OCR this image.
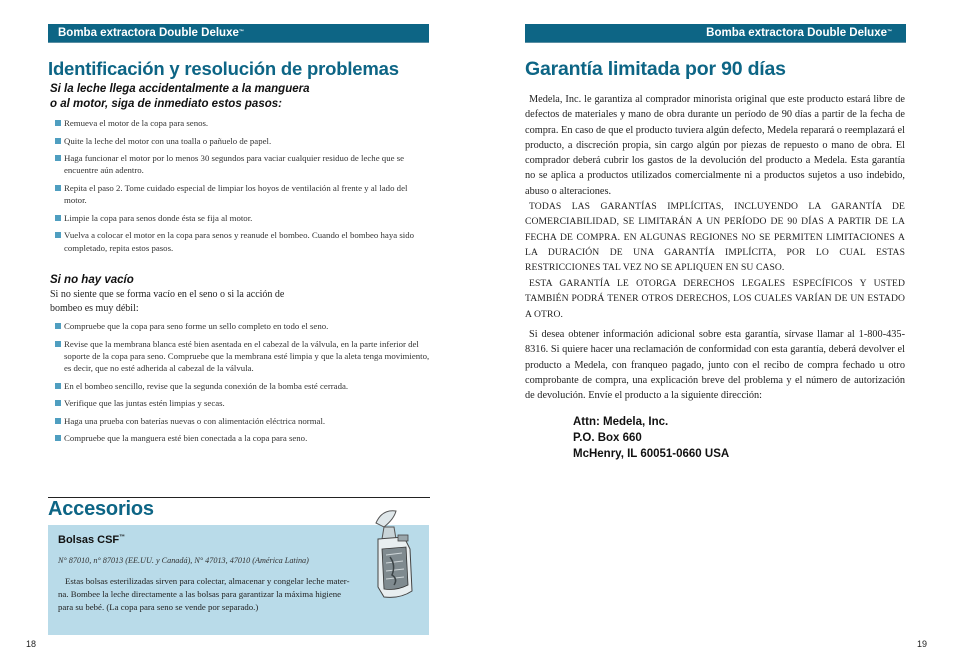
Bomba extractora Double Deluxe™
Identificación y resolución de problemas
Si la leche llega accidentalmente a la manguera
o al motor, siga de inmediato estos pasos:
Remueva el motor de la copa para senos.
Quite la leche del motor con una toalla o pañuelo de papel.
Haga funcionar el motor por lo menos 30 segundos para vaciar cualquier residuo de leche que se encuentre aún adentro.
Repita el paso 2. Tome cuidado especial de limpiar los hoyos de ventilación al frente y al lado del motor.
Limpie la copa para senos donde ésta se fija al motor.
Vuelva a colocar el motor en la copa para senos y reanude el bombeo. Cuando el bombeo haya sido completado, repita estos pasos.
Si no hay vacío
Si no siente que se forma vacío en el seno o si la acción de
bombeo es muy débil:
Compruebe que la copa para seno forme un sello completo en todo el seno.
Revise que la membrana blanca esté bien asentada en el cabezal de la válvula, en la parte inferior del soporte de la copa para seno. Compruebe que la membrana esté limpia y que la aleta tenga movimiento, es decir, que no esté adherida al cabezal de la válvula.
En el bombeo sencillo, revise que la segunda conexión de la bomba esté cerrada.
Verifique que las juntas estén limpias y secas.
Haga una prueba con baterías nuevas o con alimentación eléctrica normal.
Compruebe que la manguera esté bien conectada a la copa para seno.
Accesorios
Bolsas CSF™
N° 87010, n° 87013 (EE.UU. y Canadá), N° 47013, 47010 (América Latina)
Estas bolsas esterilizadas sirven para colectar, almacenar y congelar leche mater-
na. Bombee la leche directamente a las bolsas para garantizar la máxima higiene
para su bebé. (La copa para seno se vende por separado.)
18
Bomba extractora Double Deluxe™
Garantía limitada por 90 días

Medela, Inc. le garantiza al comprador minorista original que este producto estará libre de defectos de materiales y mano de obra durante un período de 90 días a partir de la fecha de compra. En caso de que el producto tuviera algún defecto, Medela reparará o reemplazará el producto, a discreción propia, sin cargo algún por piezas de repuesto o mano de obra. El comprador deberá cubrir los gastos de la devolución del producto a Medela. Esta garantía no se aplica a productos utilizados comercialmente ni a productos sujetos a uso indebido, abuso o alteraciones.

TODAS LAS GARANTÍAS IMPLÍCITAS, INCLUYENDO LA GARANTÍA DE COMERCIABILIDAD, SE LIMITARÁN A UN PERÍODO DE 90 DÍAS A PARTIR DE LA FECHA DE COMPRA. EN ALGUNAS REGIONES NO SE PERMITEN LIMITACIONES A LA DURACIÓN DE UNA GARANTÍA IMPLÍCITA, POR LO CUAL ESTAS RESTRICCIONES TAL VEZ NO SE APLIQUEN EN SU CASO.

ESTA GARANTÍA LE OTORGA DERECHOS LEGALES ESPECÍFICOS Y USTED TAMBIÉN PODRÁ TENER OTROS DERECHOS, LOS CUALES VARÍAN DE UN ESTADO A OTRO.

Si desea obtener información adicional sobre esta garantía, sírvase llamar al 1-800-435-8316. Si quiere hacer una reclamación de conformidad con esta garantía, deberá devolver el producto a Medela, con franqueo pagado, junto con el recibo de compra fechado u otro comprobante de compra, una explicación breve del problema y el número de autorización de devolución. Envíe el producto a la siguiente dirección:

Attn: Medela, Inc.
P.O. Box 660
McHenry, IL 60051-0660 USA
19
